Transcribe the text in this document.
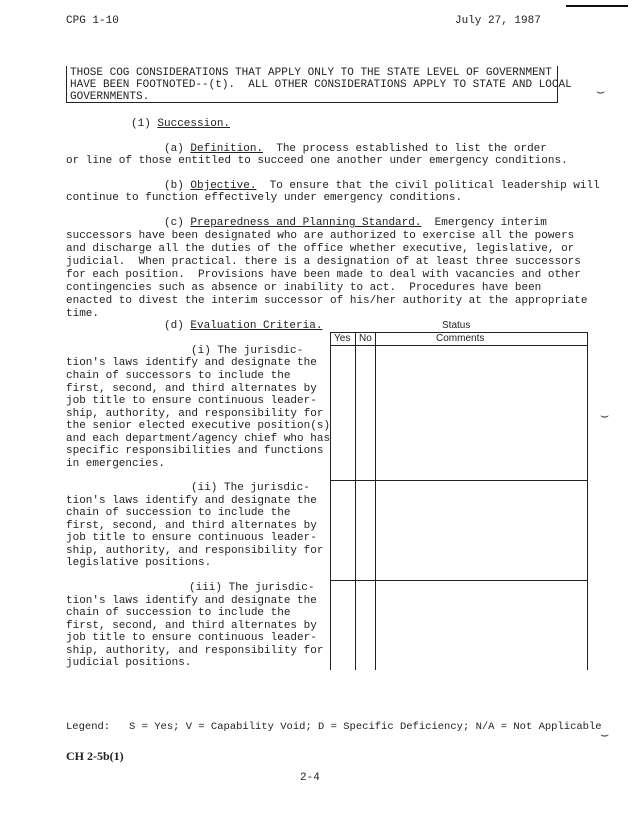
CPG 1-10	July 27, 1987
THOSE COG CONSIDERATIONS THAT APPLY ONLY TO THE STATE LEVEL OF GOVERNMENT
HAVE BEEN FOOTNOTED--(t).  ALL OTHER CONSIDERATIONS APPLY TO STATE AND LOCAL
GOVERNMENTS.	⌣
⌣
⌣
(1) Succession.
(a) Definition.  The process established to list the order
or line of those entitled to succeed one another under emergency conditions.
(b) Objective.  To ensure that the civil political leadership will
continue to function effectively under emergency conditions.
(c) Preparedness and Planning Standard.  Emergency interim
successors have been designated who are authorized to exercise all the powers
and discharge all the duties of the office whether executive, legislative, or
judicial.  When practical. there is a designation of at least three successors
for each position.  Provisions have been made to deal with vacancies and other
contingencies such as absence or inability to act.  Procedures have been
enacted to divest the interim successor of his/her authority at the appropriate
time.
(d) Evaluation Criteria.	Status
Yes No	Comments
(i) The jurisdic-
tion's laws identify and designate the
chain of successors to include the
first, second, and third alternates by
job title to ensure continuous leader-
ship, authority, and responsibility for
the senior elected executive position(s)
and each department/agency chief who has
specific responsibilities and functions
in emergencies.
(ii) The jurisdic-
tion's laws identify and designate the
chain of succession to include the
first, second, and third alternates by
job title to ensure continuous leader-
ship, authority, and responsibility for
legislative positions.
(iii) The jurisdic-
tion's laws identify and designate the
chain of succession to include the
first, second, and third alternates by
job title to ensure continuous leader-
ship, authority, and responsibility for
judicial positions.
Legend:   S = Yes; V = Capability Void; D = Specific Deficiency; N/A = Not Applicable
CH 2-5b(1)
2-4
